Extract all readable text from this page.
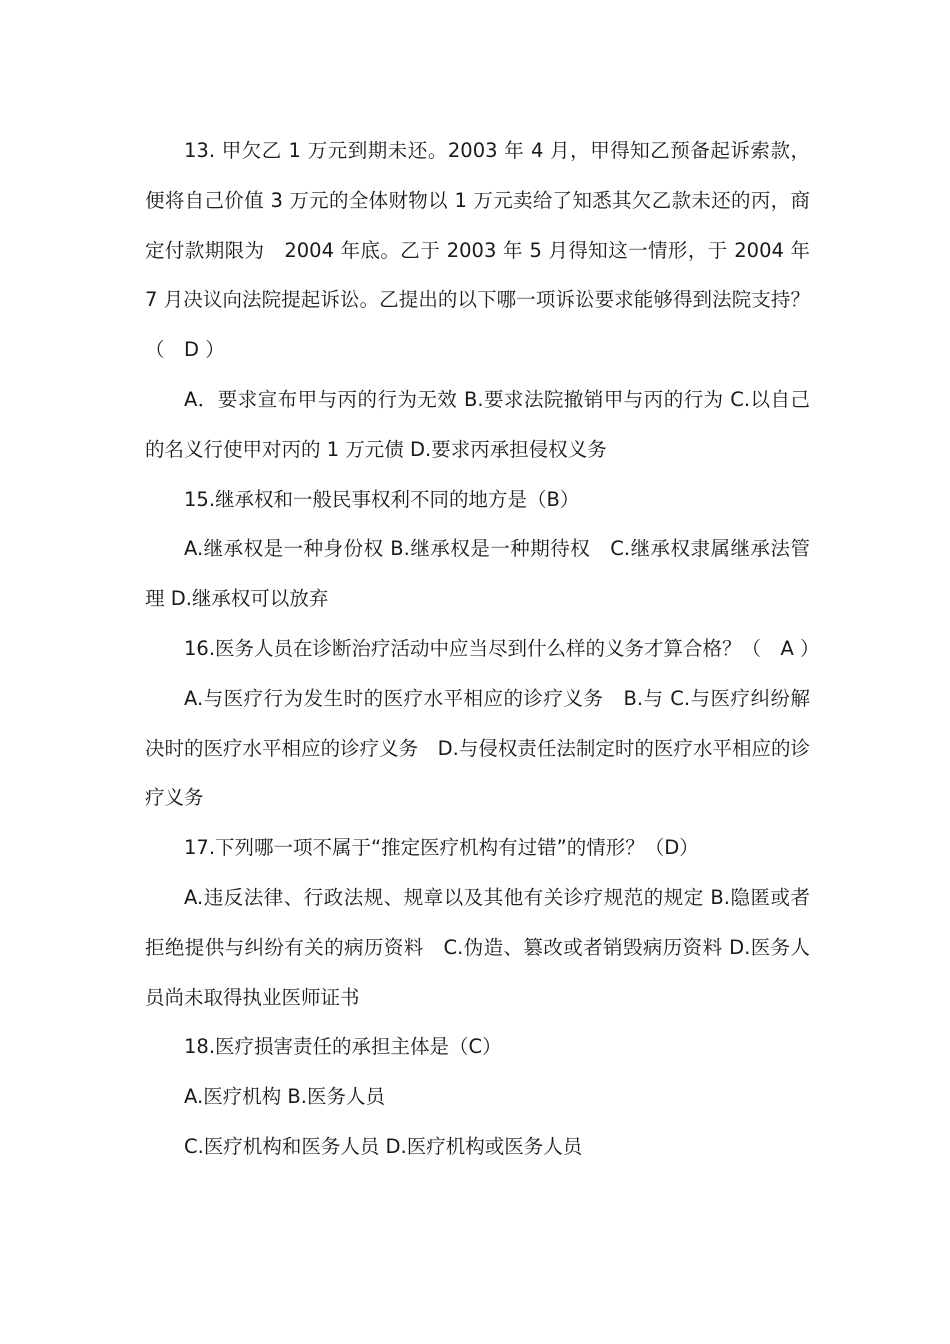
13. 甲欠乙 1 万元到期未还。2003 年 4 月，甲得知乙预备起诉索款，便将自己价值 3 万元的全体财物以 1 万元卖给了知悉其欠乙款未还的丙，商定付款期限为　2004 年底。乙于 2003 年 5 月得知这一情形，于 2004 年 7 月决议向法院提起诉讼。乙提出的以下哪一项诉讼要求能够得到法院支持？（　D ）

A．要求宣布甲与丙的行为无效 B.要求法院撤销甲与丙的行为 C.以自己的名义行使甲对丙的 1 万元债 D.要求丙承担侵权义务

15.继承权和一般民事权利不同的地方是（B）

A.继承权是一种身份权 B.继承权是一种期待权　C.继承权隶属继承法管理 D.继承权可以放弃

16.医务人员在诊断治疗活动中应当尽到什么样的义务才算合格？（　A ）

A.与医疗行为发生时的医疗水平相应的诊疗义务　B.与 C.与医疗纠纷解决时的医疗水平相应的诊疗义务　D.与侵权责任法制定时的医疗水平相应的诊疗义务

17.下列哪一项不属于“推定医疗机构有过错”的情形？（D）

A.违反法律、行政法规、规章以及其他有关诊疗规范的规定 B.隐匿或者拒绝提供与纠纷有关的病历资料　C.伪造、篡改或者销毁病历资料 D.医务人员尚未取得执业医师证书

18.医疗损害责任的承担主体是（C）

A.医疗机构 B.医务人员

C.医疗机构和医务人员 D.医疗机构或医务人员
